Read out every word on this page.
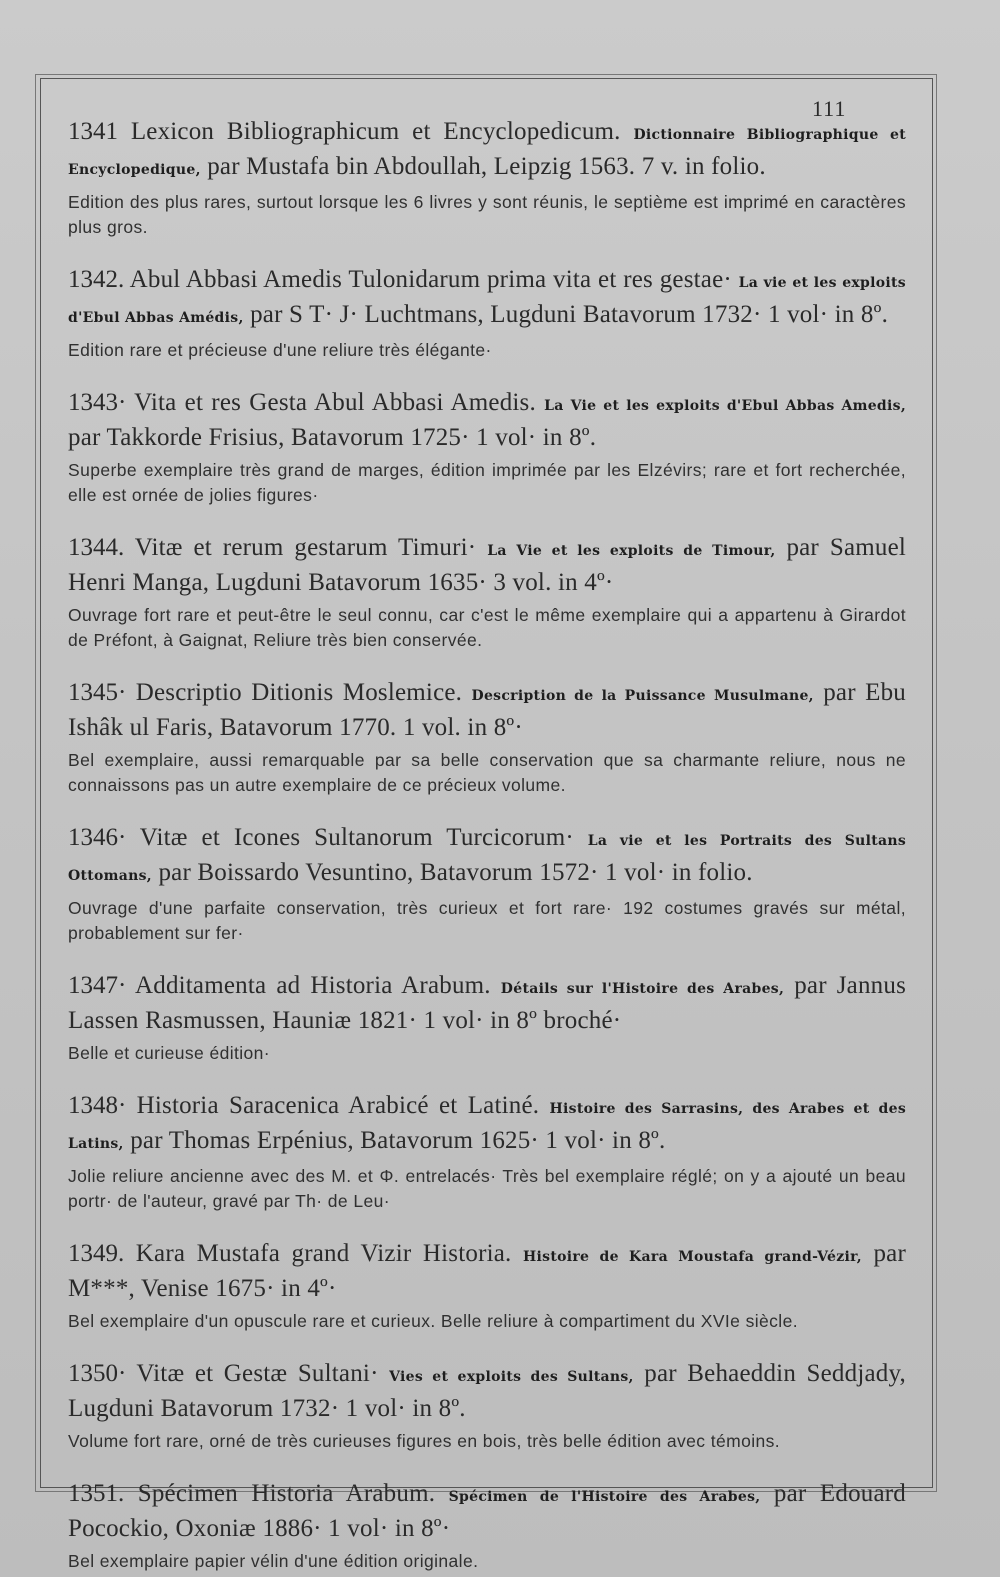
111
1341 Lexicon Bibliographicum et Encyclopedicum. Dictionnaire Bibliographique et Encyclopedique, par Mustafa bin Abdoullah, Leipzig 1563. 7 v. in folio.
Edition des plus rares, surtout lorsque les 6 livres y sont réunis, le septième est imprimé en caractères plus gros.
1342. Abul Abbasi Amedis Tulonidarum prima vita et res gestae· La vie et les exploits d'Ebul Abbas Amédis, par S T· J· Luchtmans, Lugduni Batavorum 1732· 1 vol· in 8º.
Edition rare et précieuse d'une reliure très élégante·
1343· Vita et res Gesta Abul Abbasi Amedis. La Vie et les exploits d'Ebul Abbas Amedis, par Takkorde Frisius, Batavorum 1725· 1 vol· in 8º.
Superbe exemplaire très grand de marges, édition imprimée par les Elzévirs; rare et fort recherchée, elle est ornée de jolies figures·
1344. Vitæ et rerum gestarum Timuri· La Vie et les exploits de Timour, par Samuel Henri Manga, Lugduni Batavorum 1635· 3 vol. in 4º·
Ouvrage fort rare et peut-être le seul connu, car c'est le même exemplaire qui a appartenu à Girardot de Préfont, à Gaignat, Reliure très bien conservée.
1345· Descriptio Ditionis Moslemice. Description de la Puissance Musulmane, par Ebu Ishâk ul Faris, Batavorum 1770. 1 vol. in 8º·
Bel exemplaire, aussi remarquable par sa belle conservation que sa charmante reliure, nous ne connaissons pas un autre exemplaire de ce précieux volume.
1346· Vitæ et Icones Sultanorum Turcicorum· La vie et les Portraits des Sultans Ottomans, par Boissardo Vesuntino, Batavorum 1572· 1 vol· in folio.
Ouvrage d'une parfaite conservation, très curieux et fort rare· 192 costumes gravés sur métal, probablement sur fer·
1347· Additamenta ad Historia Arabum. Détails sur l'Histoire des Arabes, par Jannus Lassen Rasmussen, Hauniæ 1821· 1 vol· in 8º broché·
Belle et curieuse édition·
1348· Historia Saracenica Arabicé et Latiné. Histoire des Sarrasins, des Arabes et des Latins, par Thomas Erpénius, Batavorum 1625· 1 vol· in 8º.
Jolie reliure ancienne avec des M. et Φ. entrelacés· Très bel exemplaire réglé; on y a ajouté un beau portr· de l'auteur, gravé par Th· de Leu·
1349. Kara Mustafa grand Vizir Historia. Histoire de Kara Moustafa grand-Vézir, par M***, Venise 1675· in 4º·
Bel exemplaire d'un opuscule rare et curieux. Belle reliure à compartiment du XVIe siècle.
1350· Vitæ et Gestæ Sultani· Vies et exploits des Sultans, par Behaeddin Seddjady, Lugduni Batavorum 1732· 1 vol· in 8º.
Volume fort rare, orné de très curieuses figures en bois, très belle édition avec témoins.
1351. Spécimen Historia Arabum. Spécimen de l'Histoire des Arabes, par Edouard Pocockio, Oxoniæ 1886· 1 vol· in 8º·
Bel exemplaire papier vélin d'une édition originale.
